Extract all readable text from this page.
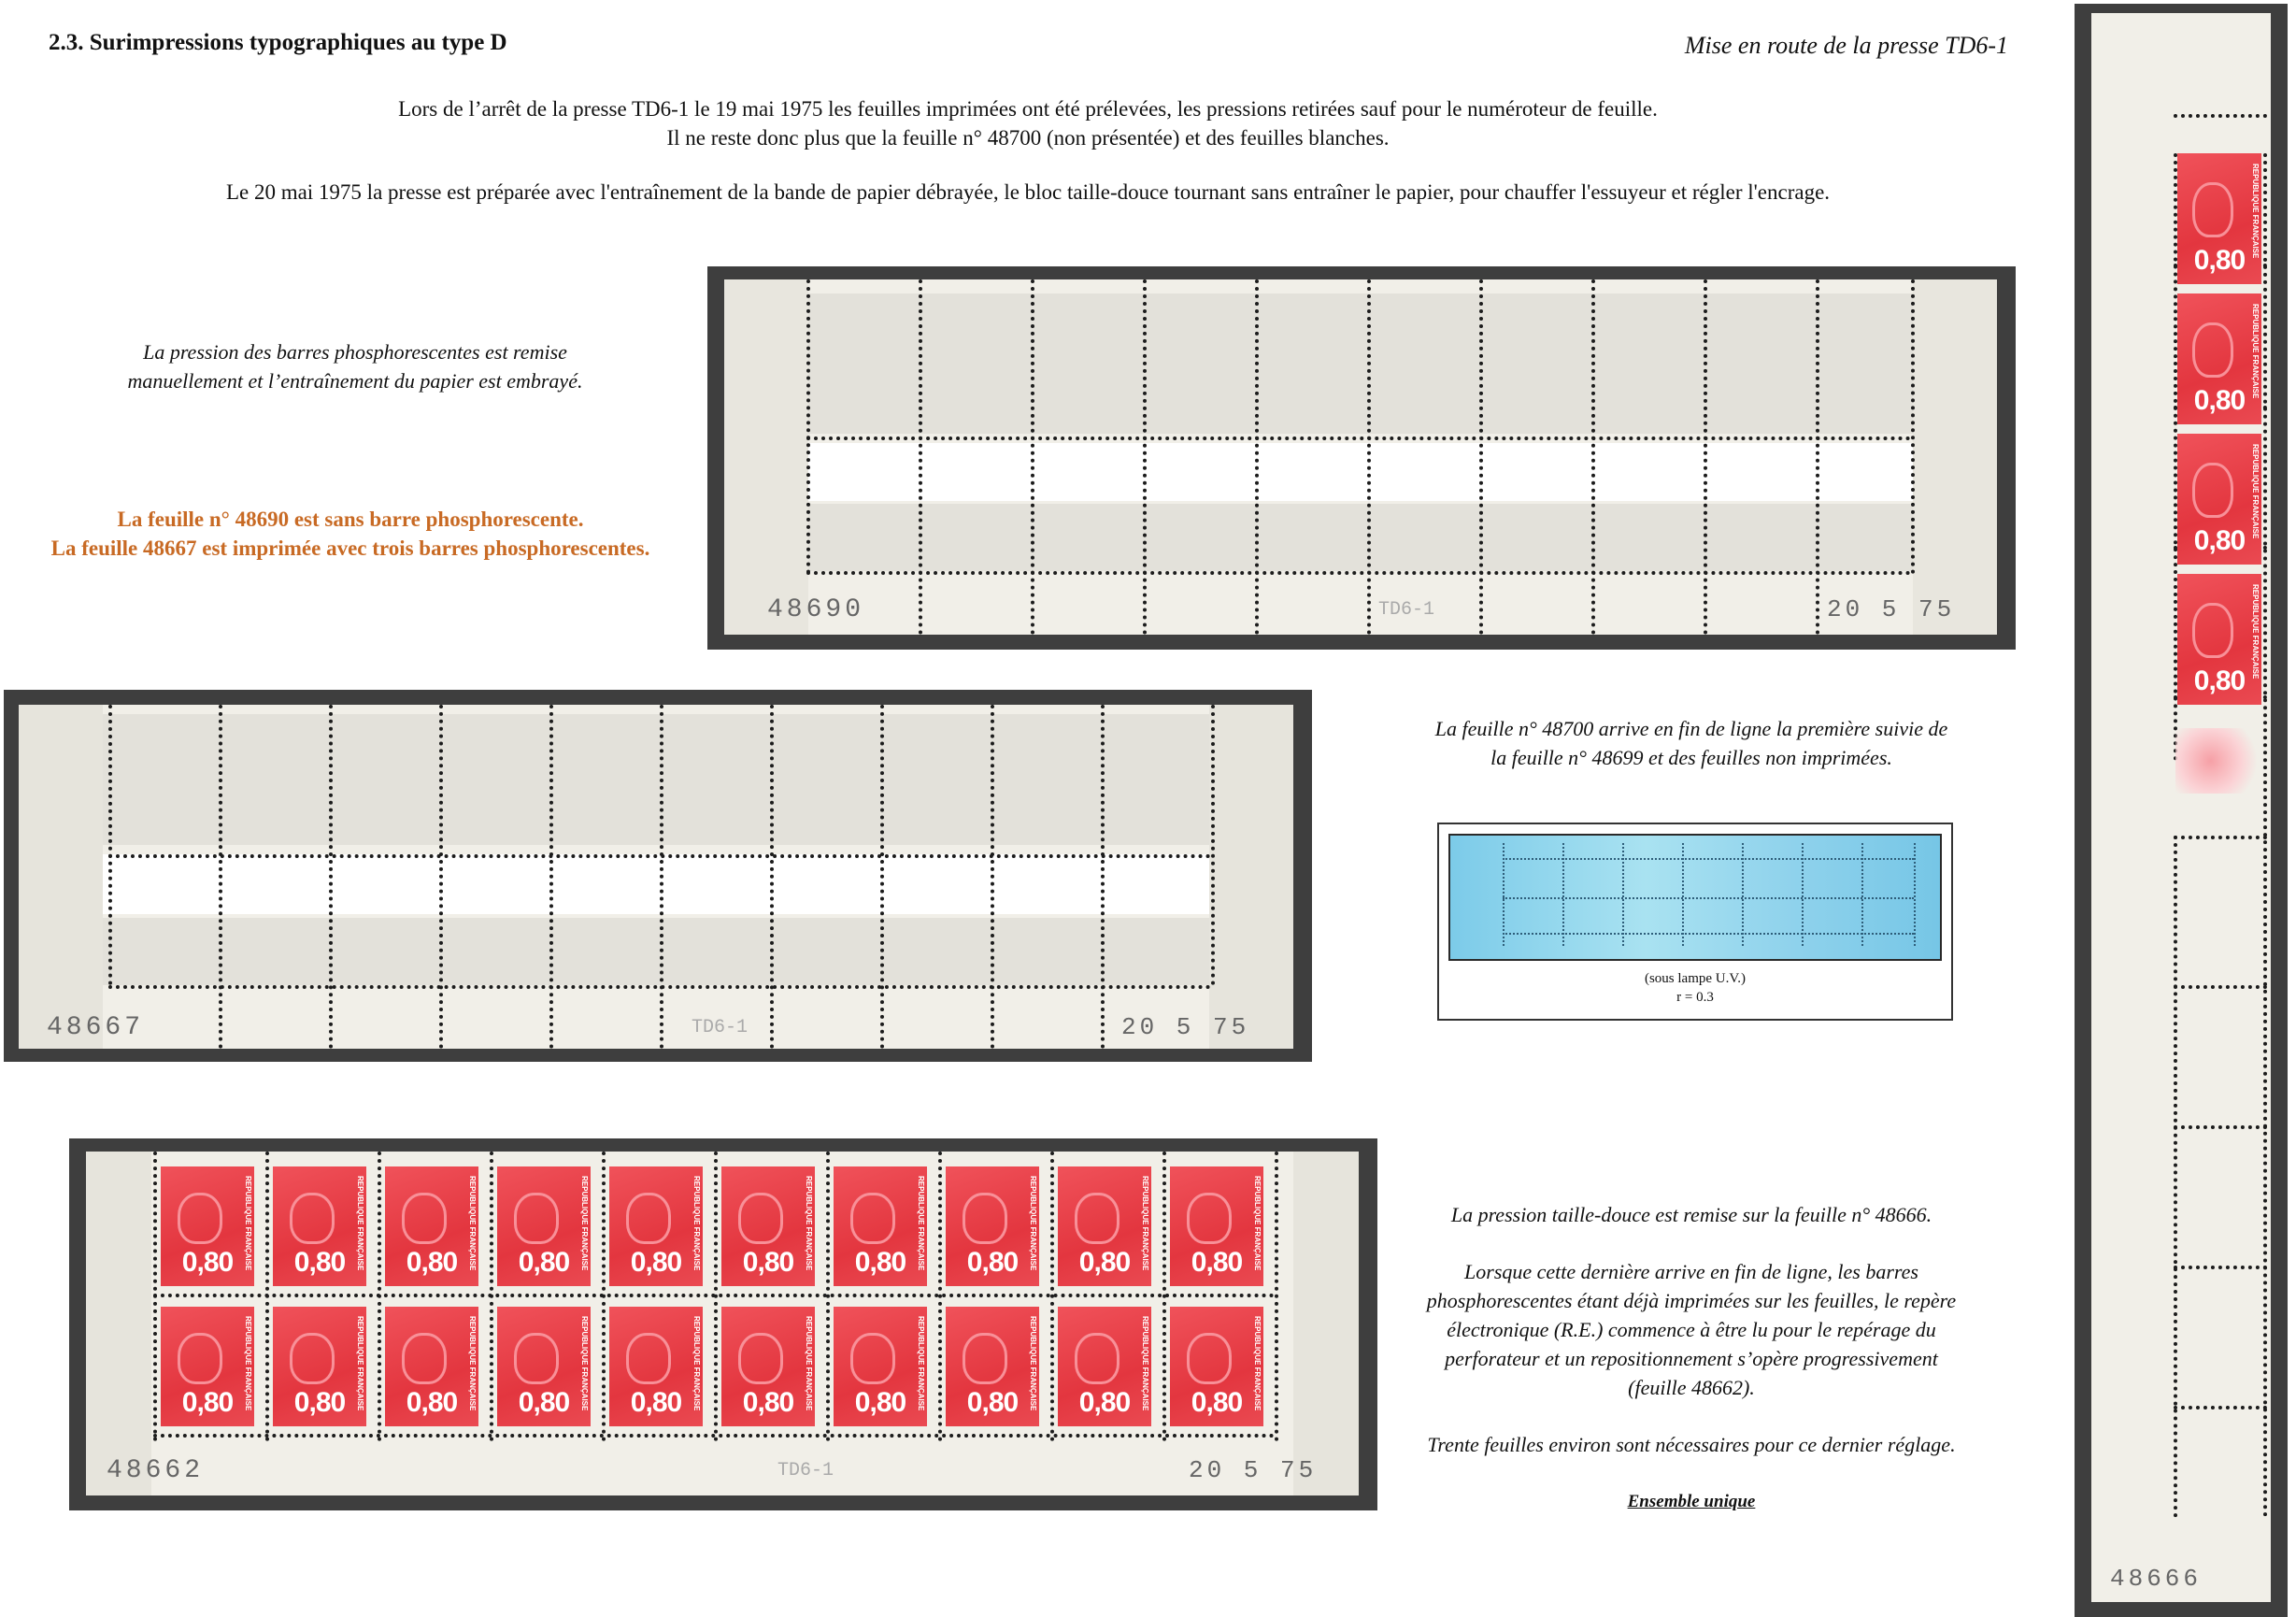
2.3. Surimpressions typographiques au type D	Mise en route de la presse TD6-1
Lors de l’arrêt de la presse TD6-1 le 19 mai 1975 les feuilles imprimées ont été prélevées, les pressions retirées sauf pour le numéroteur de feuille.
Il ne reste donc plus que la feuille n° 48700 (non présentée) et des feuilles blanches.
Le 20 mai 1975 la presse est préparée avec l'entraînement de la bande de papier débrayée, le bloc taille-douce tournant sans entraîner le papier, pour chauffer l'essuyeur et régler l'encrage.
La pression des barres phosphorescentes est remise
manuellement et l’entraînement du papier est embrayé.
La feuille n° 48690 est sans barre phosphorescente.
La feuille 48667 est imprimée avec trois barres phosphorescentes.
48690	TD6-1	20 5 75
48667	TD6-1	20 5 75
48662	TD6-1	20 5 75
REPUBLIQUE FRANÇAISE
0,80	REPUBLIQUE FRANÇAISE
0,80	REPUBLIQUE FRANÇAISE
0,80	REPUBLIQUE FRANÇAISE
0,80	REPUBLIQUE FRANÇAISE
0,80	REPUBLIQUE FRANÇAISE
0,80	REPUBLIQUE FRANÇAISE
0,80	REPUBLIQUE FRANÇAISE
0,80	REPUBLIQUE FRANÇAISE
0,80	REPUBLIQUE FRANÇAISE
0,80
REPUBLIQUE FRANÇAISE
0,80	REPUBLIQUE FRANÇAISE
0,80	REPUBLIQUE FRANÇAISE
0,80	REPUBLIQUE FRANÇAISE
0,80	REPUBLIQUE FRANÇAISE
0,80	REPUBLIQUE FRANÇAISE
0,80	REPUBLIQUE FRANÇAISE
0,80	REPUBLIQUE FRANÇAISE
0,80	REPUBLIQUE FRANÇAISE
0,80	REPUBLIQUE FRANÇAISE
0,80
48666
REPUBLIQUE FRANÇAISE
0,80
REPUBLIQUE FRANÇAISE
0,80
REPUBLIQUE FRANÇAISE
0,80
REPUBLIQUE FRANÇAISE
0,80
La feuille n° 48700 arrive en fin de ligne la première suivie de
la feuille n° 48699 et des feuilles non imprimées.
(sous lampe U.V.)
r = 0.3
La pression taille-douce est remise sur la feuille n° 48666.
Lorsque cette dernière arrive en fin de ligne, les barres
phosphorescentes étant déjà imprimées sur les feuilles, le repère
électronique (R.E.) commence à être lu pour le repérage du
perforateur et un repositionnement s’opère progressivement
(feuille 48662).
Trente feuilles environ sont nécessaires pour ce dernier réglage.
Ensemble unique
